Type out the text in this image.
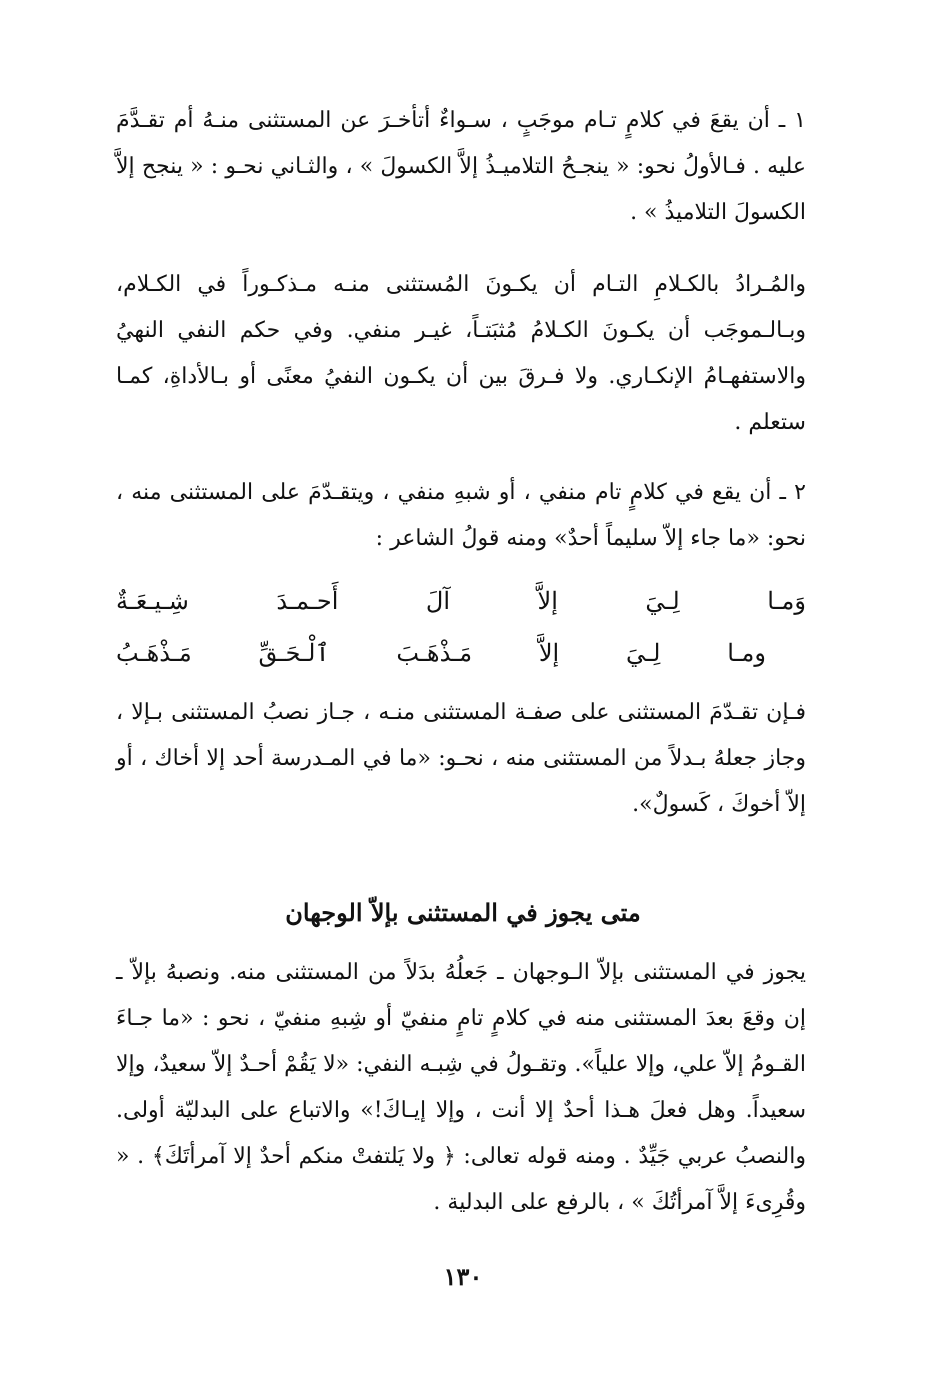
١ ـ أن يقعَ في كلامٍ تـام موجَبٍ ، سـواءٌ أتأخـرَ عن المستثنى منـهُ أم تقـدَّمَ عليه . فـالأولُ نحو: « ينجـحُ التلاميـذُ إلاَّ الكسولَ » ، والثـاني نحـو : « ينجح إلاَّ الكسولَ التلاميذُ » .

والمُـرادُ بالكـلامِ التـام أن يكـونَ المُستثنى منـه مـذكـوراً في الكـلام، وبـالـموجَب أن يكـونَ الكـلامُ مُثبَتـاً، غيـر منفي. وفي حكم النفي النهيُ والاستفهـامُ الإنكـاري. ولا فـرقَ بين أن يكـون النفيُ معنًى أو بـالأداةِ، كمـا ستعلم .

٢ ـ أن يقع في كلامٍ تام منفي ، أو شبهِ منفي ، ويتقـدّمَ على المستثنى منه ، نحو: «ما جاء إلاّ سليماً أحدٌ» ومنه قولُ الشاعر :

وَمـا لِـيَ إلاَّ آلَ أَحـمـدَ شِـيـعَـةٌ

ومـا لِـيَ إلاَّ مَـذْهَـبَ ٱلْـحَـقِّ مَـذْهَـبُ

فـإن تقـدّمَ المستثنى على صفـة المستثنى منـه ، جـاز نصبُ المستثنى بـإلا ، وجاز جعلهُ بـدلاً من المستثنى منه ، نحـو: «ما في المـدرسة أحد إلا أخاك ، أو إلاّ أخوكَ ، كَسولٌ».

متى يجوز في المستثنى بإلاّ الوجهان

يجوز في المستثنى بإلاّ الـوجهان ـ جَعلُهُ بدَلاً من المستثنى منه. ونصبهُ بإلاّ ـ إن وقعَ بعدَ المستثنى منه في كلامٍ تامٍ منفيّ أو شِبهِ منفيّ ، نحو : «ما جـاءَ القـومُ إلاّ علي، وإلا علياً». وتقـولُ في شِبـه النفي: «لا يَقُمْ أحـدٌ إلاّ سعيدٌ، وإلا سعيداً. وهل فعلَ هـذا أحدٌ إلا أنت ، وإلا إيـاكَ!» والاتباع على البدليّة أولى. والنصبُ عربي جَيِّدٌ . ومنه قوله تعالى: ﴿ ولا يَلتفتْ منكم أحدٌ إلا آمرأتَكَ﴾ . « وقُرِىءَ إلاَّ آمرأتُكَ » ، بالرفع على البدلية .

١٣٠
